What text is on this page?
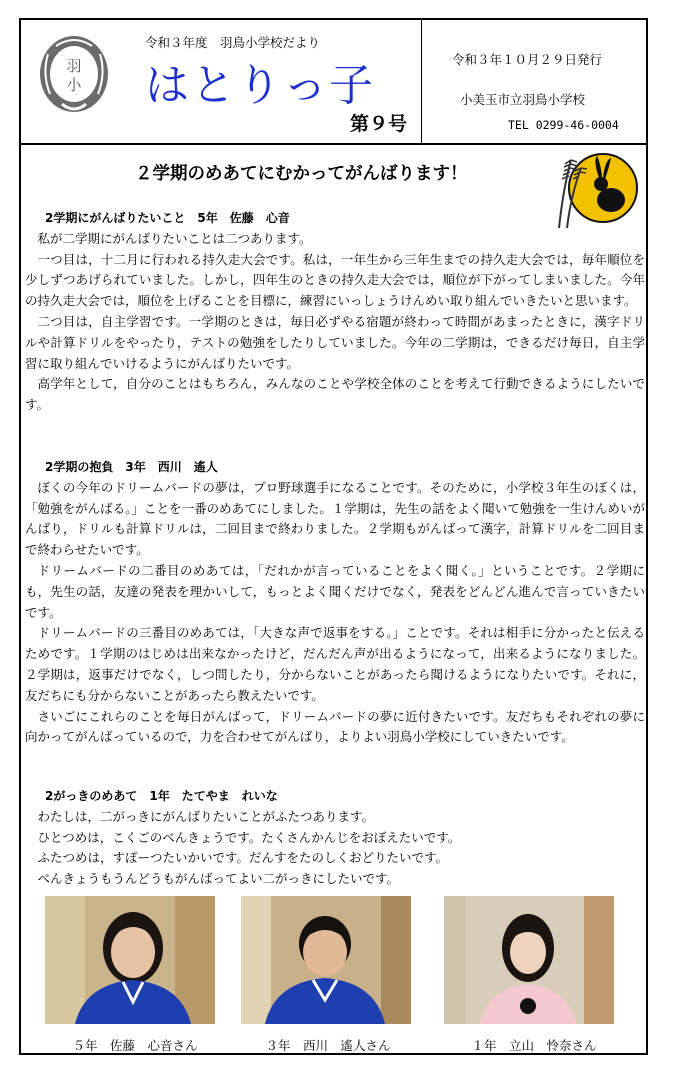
羽
小
令和３年度　羽鳥小学校だより
はとりっ子
第９号
令和３年１０月２９日発行
小美玉市立羽鳥小学校
TEL 0299-46-0004
２学期のめあてにむかってがんばります！

2学期にがんばりたいこと　5年　佐藤　心音

私が二学期にがんばりたいことは二つあります。

一つ目は，十二月に行われる持久走大会です。私は，一年生から三年生までの持久走大会では，毎年順位を少しずつあげられていました。しかし，四年生のときの持久走大会では，順位が下がってしまいました。今年の持久走大会では，順位を上げることを目標に，練習にいっしょうけんめい取り組んでいきたいと思います。

二つ目は，自主学習です。一学期のときは，毎日必ずやる宿題が終わって時間があまったときに，漢字ドリルや計算ドリルをやったり，テストの勉強をしたりしていました。今年の二学期は，できるだけ毎日，自主学習に取り組んでいけるようにがんばりたいです。

高学年として，自分のことはもちろん，みんなのことや学校全体のことを考えて行動できるようにしたいです。

2学期の抱負　3年　西川　遙人

ぼくの今年のドリームバードの夢は，プロ野球選手になることです。そのために，小学校３年生のぼくは，「勉強をがんばる。」ことを一番のめあてにしました。１学期は，先生の話をよく聞いて勉強を一生けんめいがんばり，ドリルも計算ドリルは，二回目まで終わりました。２学期もがんばって漢字，計算ドリルを二回目まで終わらせたいです。

ドリームバードの二番目のめあては，「だれかが言っていることをよく聞く。」ということです。２学期にも，先生の話，友達の発表を理かいして，もっとよく聞くだけでなく，発表をどんどん進んで言っていきたいです。

ドリームバードの三番目のめあては，「大きな声で返事をする。」ことです。それは相手に分かったと伝えるためです。１学期のはじめは出来なかったけど，だんだん声が出るようになって，出来るようになりました。２学期は，返事だけでなく，しつ問したり，分からないことがあったら聞けるようになりたいです。それに，友だちにも分からないことがあったら教えたいです。

さいごにこれらのことを毎日がんばって，ドリームバードの夢に近付きたいです。友だちもそれぞれの夢に向かってがんばっているので，力を合わせてがんばり，よりよい羽鳥小学校にしていきたいです。

2がっきのめあて　1年　たてやま　れいな

わたしは，二がっきにがんばりたいことがふたつあります。

ひとつめは，こくごのべんきょうです。たくさんかんじをおぼえたいです。

ふたつめは，すぽーつたいかいです。だんすをたのしくおどりたいです。

べんきょうもうんどうもがんばってよい二がっきにしたいです。

５年　佐藤　心音さん	３年　西川　遙人さん	１年　立山　怜奈さん
